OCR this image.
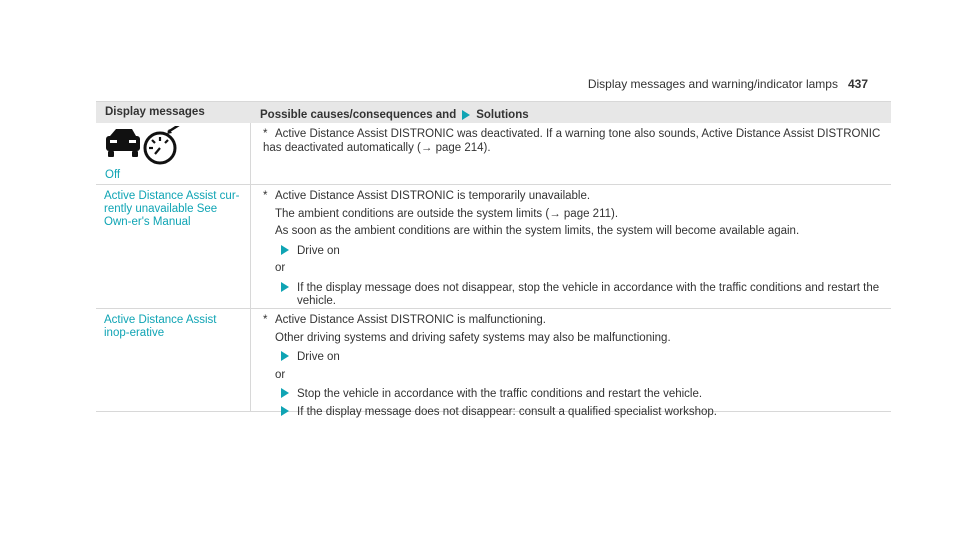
Display messages and warning/indicator lamps 437
Display messages	Possible causes/consequences and Solutions
Off
* Active Distance Assist DISTRONIC was deactivated. If a warning tone also sounds, Active Distance Assist DISTRONIC has deactivated automatically (→ page 214).
Active Distance Assist cur-rently unavailable See Own-er's Manual
* Active Distance Assist DISTRONIC is temporarily unavailable.
The ambient conditions are outside the system limits (→ page 211).
As soon as the ambient conditions are within the system limits, the system will become available again.
Drive on
or
If the display message does not disappear, stop the vehicle in accordance with the traffic conditions and restart the vehicle.
Active Distance Assist inop-erative
* Active Distance Assist DISTRONIC is malfunctioning.
Other driving systems and driving safety systems may also be malfunctioning.
Drive on
or
Stop the vehicle in accordance with the traffic conditions and restart the vehicle.
If the display message does not disappear: consult a qualified specialist workshop.
